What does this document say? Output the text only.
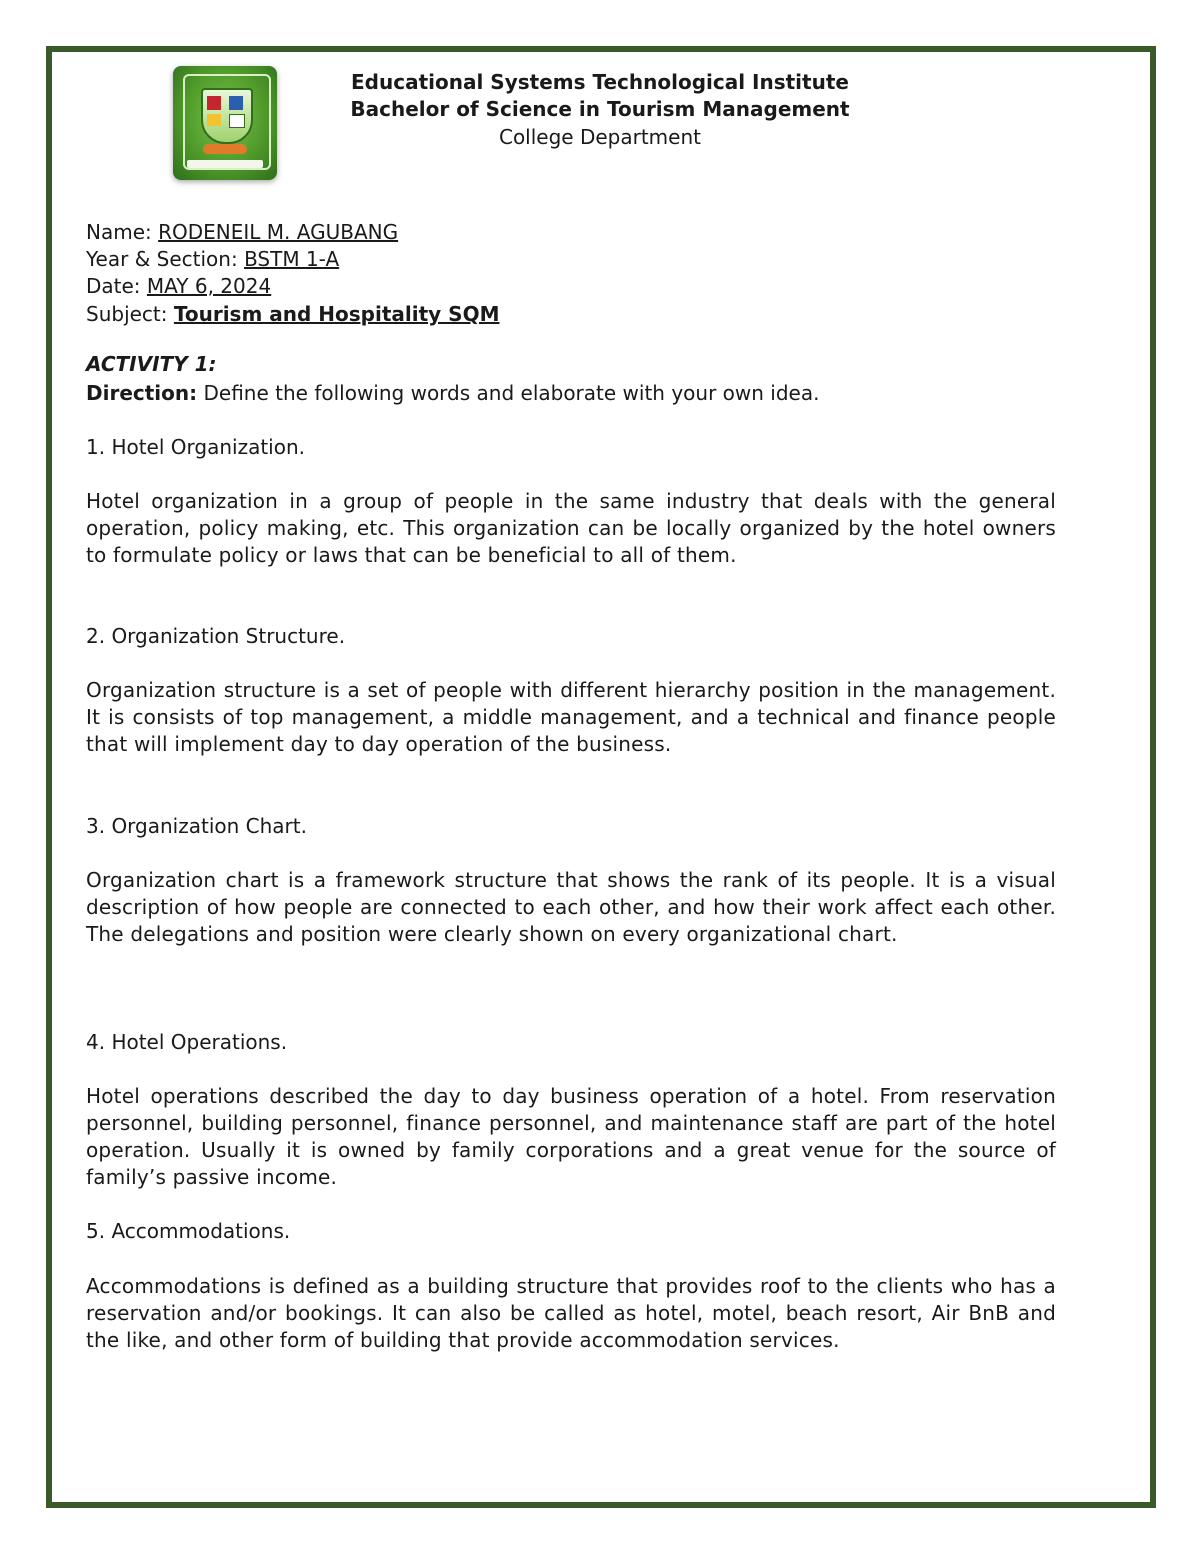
Educational Systems Technological Institute
Bachelor of Science in Tourism Management
College Department
Name: RODENEIL M. AGUBANG
Year & Section: BSTM 1-A
Date: MAY 6, 2024
Subject: Tourism and Hospitality SQM
ACTIVITY 1:
Direction: Define the following words and elaborate with your own idea.
1. Hotel Organization.
Hotel organization in a group of people in the same industry that deals with the general operation, policy making, etc. This organization can be locally organized by the hotel owners to formulate policy or laws that can be beneficial to all of them.
2. Organization Structure.
Organization structure is a set of people with different hierarchy position in the management. It is consists of top management, a middle management, and a technical and finance people that will implement day to day operation of the business.
3. Organization Chart.
Organization chart is a framework structure that shows the rank of its people. It is a visual description of how people are connected to each other, and how their work affect each other. The delegations and position were clearly shown on every organizational chart.
4. Hotel Operations.
Hotel operations described the day to day business operation of a hotel. From reservation personnel, building personnel, finance personnel, and maintenance staff are part of the hotel operation. Usually it is owned by family corporations and a great venue for the source of family’s passive income.
5. Accommodations.
Accommodations is defined as a building structure that provides roof to the clients who has a reservation and/or bookings. It can also be called as hotel, motel, beach resort, Air BnB and the like, and other form of building that provide accommodation services.
